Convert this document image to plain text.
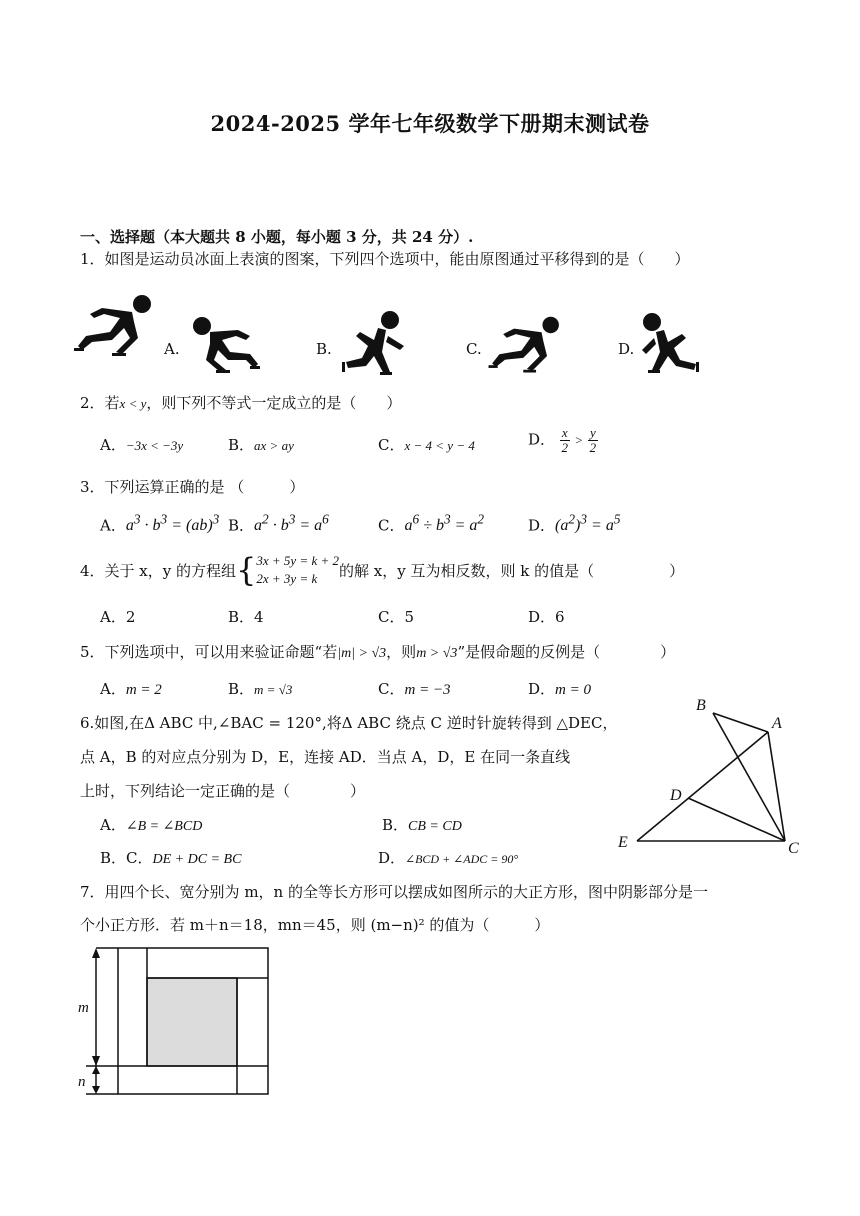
2024-2025 学年七年级数学下册期末测试卷
一、选择题（本大题共 8 小题，每小题 3 分，共 24 分）.
1．如图是运动员冰面上表演的图案，下列四个选项中，能由原图通过平移得到的是（　　）
A.	B.	C.	D.
2．若x < y，则下列不等式一定成立的是（　　）
A．−3x < −3y	B．ax > ay	C．x − 4 < y − 4	D． $\frac{x}{2} > \frac{y}{2}$
3．下列运算正确的是 （　　　）
A．$a^3 \cdot b^3 = (ab)^3$ B．$a^2 \cdot b^3 = a^6$	C．$a^6 \div b^3 = a^2$	D．$(a^2)^3 = a^5$
4．关于 x，y 的方程组 { 3x + 5y = k + 2
2x + 3y = k	的解 x，y 互为相反数，则 k 的值是（　　　　　）
A．2	B．4	C．5	D．6
5．下列选项中，可以用来验证命题“若|m| > √3，则m > √3”是假命题的反例是（　　　　）
A．m = 2	B．m = √3	C．m = −3	D．m = 0
6.如图,在Δ ABC 中,∠BAC = 120°,将Δ ABC 绕点 C 逆时针旋转得到 △DEC，
点 A，B 的对应点分别为 D，E，连接 AD．当点 A，D，E 在同一条直线
上时，下列结论一定正确的是（　　　　）
A．∠B = ∠BCD	B．CB = CD
B．C．DE + DC = BC	D．∠BCD + ∠ADC = 90°
B
A
D
E	C
7．用四个长、宽分别为 m，n 的全等长方形可以摆成如图所示的大正方形，图中阴影部分是一
个小正方形．若 m＋n＝18，mn＝45，则 (m−n)² 的值为（　　　）
m
n
